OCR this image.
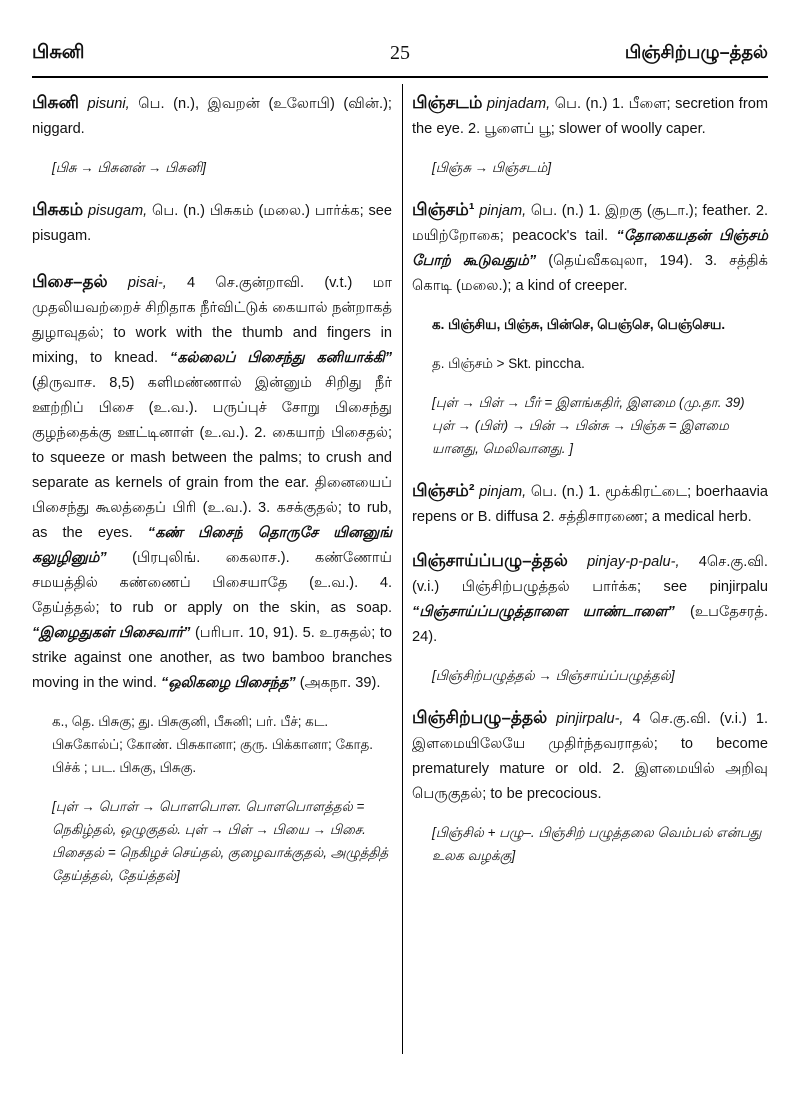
பிசுனி	25	பிஞ்சிற்பழு–த்தல்
பிசுனி pisuni, பெ. (n.), இவறன் (உலோபி) (வின்.); niggard.
[பிசு → பிசுனன் → பிசுனி]
பிசுகம் pisugam, பெ. (n.) பிசுகம் (மலை.) பார்க்க; see pisugam.
பிசை–தல் pisai-, 4 செ.குன்றாவி. (v.t.) மா முதலியவற்றைச் சிறிதாக நீர்விட்டுக் கையால் நன்றாகத் துழாவுதல்; to work with the thumb and fingers in mixing, to knead. “கல்லைப் பிசைந்து கனியாக்கி” (திருவாச. 8,5) களிமண்ணால் இன்னும் சிறிது நீர் ஊற்றிப் பிசை (உ.வ.). பருப்புச் சோறு பிசைந்து குழந்தைக்கு ஊட்டினாள் (உ.வ.). 2. கையாற் பிசைதல்; to squeeze or mash between the palms; to crush and separate as kernels of grain from the ear. தினையைப் பிசைந்து கூலத்தைப் பிரி (உ.வ.). 3. கசக்குதல்; to rub, as the eyes. “கண் பிசைந் தொருசே யினனுங் கலுழினும்” (பிரபுலிங். கைலாச.). கண்ணோய் சமயத்தில் கண்ணைப் பிசையாதே (உ.வ.). 4. தேய்த்தல்; to rub or apply on the skin, as soap. “இழைதுகள் பிசைவார்” (பரிபா. 10, 91). 5. உரசுதல்; to strike against one another, as two bamboo branches moving in the wind. “ஒலிகழை பிசைந்த” (அகநா. 39).
க., தெ. பிசுகு; து. பிசுகுனி, பீசுனி; பர். பீச்; கட. பிசுகோல்ப்; கோண். பிசுகானா; குரு. பிக்கானா; கோத. பிச்க் ; பட. பிசுகு, பிசுகு.
[புள் → பொள் → பொளபொள. பொளபொளத்தல் = நெகிழ்தல், ஒழுகுதல். புள் → பிள் → பியை → பிசை. பிசைதல் = நெகிழச் செய்தல், குழைவாக்குதல், அழுத்தித் தேய்த்தல், தேய்த்தல்]
பிஞ்சடம் pinjadam, பெ. (n.) 1. பீளை; secretion from the eye. 2. பூளைப் பூ; slower of woolly caper.
[பிஞ்சு → பிஞ்சடம்]
பிஞ்சம்¹ pinjam, பெ. (n.) 1. இறகு (சூடா.); feather. 2. மயிற்றோகை; peacock's tail. “தோகையதன் பிஞ்சம் போற் கூடுவதும்” (தெய்வீகவுலா, 194). 3. சத்திக் கொடி (மலை.); a kind of creeper.
க. பிஞ்சிய, பிஞ்சு, பின்செ, பெஞ்செ, பெஞ்செய.
த. பிஞ்சம் > Skt. pinccha.
[புள் → பிள் → பீர் = இளங்கதிர், இளமை (மு.தா. 39) புள் → (பிள்) → பின் → பின்சு → பிஞ்சு = இளமை யானது, மெலிவானது. ]
பிஞ்சம்² pinjam, பெ. (n.) 1. மூக்கிரட்டை; boerhaavia repens or B. diffusa 2. சத்திசாரணை; a medical herb.
பிஞ்சாய்ப்பழு–த்தல் pinjay-p-palu-, 4செ.கு.வி. (v.i.) பிஞ்சிற்பழுத்தல் பார்க்க; see pinjirpalu “பிஞ்சாய்ப்பழுத்தாளை யாண்டாளை” (உபதேசரத். 24).
[பிஞ்சிற்பழுத்தல் → பிஞ்சாய்ப்பழுத்தல்]
பிஞ்சிற்பழு–த்தல் pinjirpalu-, 4 செ.கு.வி. (v.i.) 1. இளமையிலேயே முதிர்ந்தவராதல்; to become prematurely mature or old. 2. இளமையில் அறிவு பெருகுதல்; to be precocious.
[பிஞ்சில் + பழு–. பிஞ்சிற் பழுத்தலை வெம்பல் என்பது உலக வழக்கு]
